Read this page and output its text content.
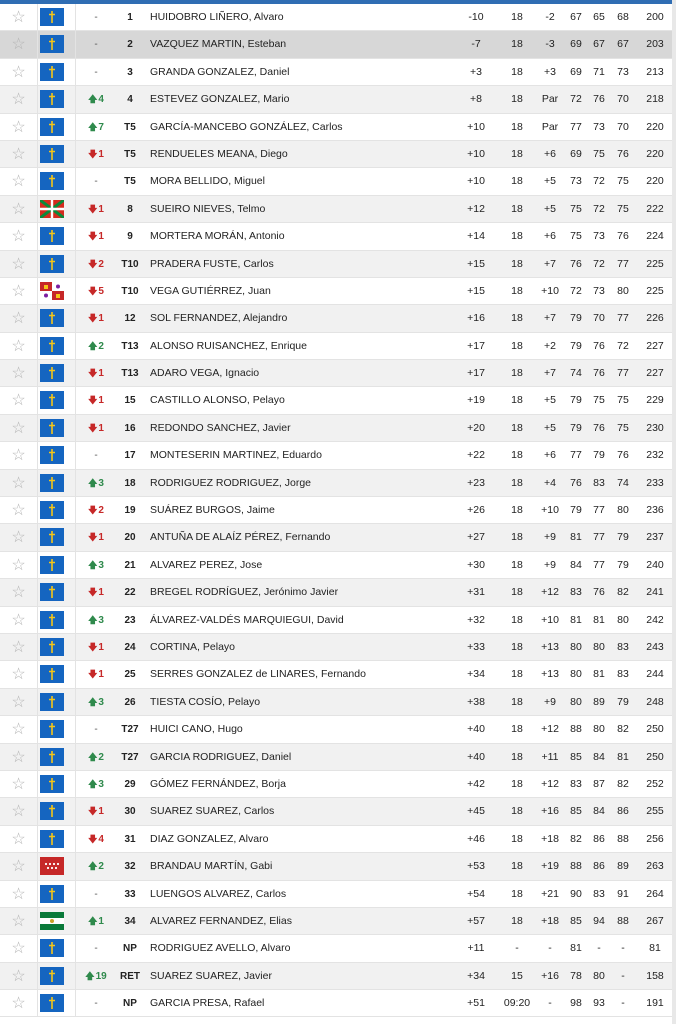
☆	-	1	HUIDOBRO LIÑERO, Alvaro	-10	18	-2	67	65	68	200
☆	-	2	VAZQUEZ MARTIN, Esteban	-7	18	-3	69	67	67	203
☆	-	3	GRANDA GONZALEZ, Daniel	+3	18	+3	69	71	73	213
☆	🡅4	4	ESTEVEZ GONZALEZ, Mario	+8	18	Par	72	76	70	218
☆	🡅7	T5	GARCÍA-MANCEBO GONZÁLEZ, Carlos	+10	18	Par	77	73	70	220
☆	🡇1	T5	RENDUELES MEANA, Diego	+10	18	+6	69	75	76	220
☆	-	T5	MORA BELLIDO, Miguel	+10	18	+5	73	72	75	220
☆	🡇1	8	SUEIRO NIEVES, Telmo	+12	18	+5	75	72	75	222
☆	🡇1	9	MORTERA MORÁN, Antonio	+14	18	+6	75	73	76	224
☆	🡇2	T10	PRADERA FUSTE, Carlos	+15	18	+7	76	72	77	225
☆	🡇5	T10	VEGA GUTIÉRREZ, Juan	+15	18	+10	72	73	80	225
☆	🡇1	12	SOL FERNANDEZ, Alejandro	+16	18	+7	79	70	77	226
☆	🡅2	T13	ALONSO RUISANCHEZ, Enrique	+17	18	+2	79	76	72	227
☆	🡇1	T13	ADARO VEGA, Ignacio	+17	18	+7	74	76	77	227
☆	🡇1	15	CASTILLO ALONSO, Pelayo	+19	18	+5	79	75	75	229
☆	🡇1	16	REDONDO SANCHEZ, Javier	+20	18	+5	79	76	75	230
☆	-	17	MONTESERIN MARTINEZ, Eduardo	+22	18	+6	77	79	76	232
☆	🡅3	18	RODRIGUEZ RODRIGUEZ, Jorge	+23	18	+4	76	83	74	233
☆	🡇2	19	SUÁREZ BURGOS, Jaime	+26	18	+10	79	77	80	236
☆	🡇1	20	ANTUÑA DE ALAÍZ PÉREZ, Fernando	+27	18	+9	81	77	79	237
☆	🡅3	21	ALVAREZ PEREZ, Jose	+30	18	+9	84	77	79	240
☆	🡇1	22	BREGEL RODRÍGUEZ, Jerónimo Javier	+31	18	+12	83	76	82	241
☆	🡅3	23	ÁLVAREZ-VALDÉS MARQUIEGUI, David	+32	18	+10	81	81	80	242
☆	🡇1	24	CORTINA, Pelayo	+33	18	+13	80	80	83	243
☆	🡇1	25	SERRES GONZALEZ de LINARES, Fernando	+34	18	+13	80	81	83	244
☆	🡅3	26	TIESTA COSÍO, Pelayo	+38	18	+9	80	89	79	248
☆	-	T27	HUICI CANO, Hugo	+40	18	+12	88	80	82	250
☆	🡅2	T27	GARCIA RODRIGUEZ, Daniel	+40	18	+11	85	84	81	250
☆	🡅3	29	GÓMEZ FERNÁNDEZ, Borja	+42	18	+12	83	87	82	252
☆	🡇1	30	SUAREZ SUAREZ, Carlos	+45	18	+16	85	84	86	255
☆	🡇4	31	DIAZ GONZALEZ, Alvaro	+46	18	+18	82	86	88	256
☆	🡅2	32	BRANDAU MARTÍN, Gabi	+53	18	+19	88	86	89	263
☆	-	33	LUENGOS ALVAREZ, Carlos	+54	18	+21	90	83	91	264
☆	🡅1	34	ALVAREZ FERNANDEZ, Elias	+57	18	+18	85	94	88	267
☆	-	NP	RODRIGUEZ AVELLO, Alvaro	+11	-	-	81	-	-	81
☆	🡅19	RET SUAREZ SUAREZ, Javier	+34	15	+16	78	80	-	158
☆	-	NP	GARCIA PRESA, Rafael	+51	09:20	-	98	93	-	191
